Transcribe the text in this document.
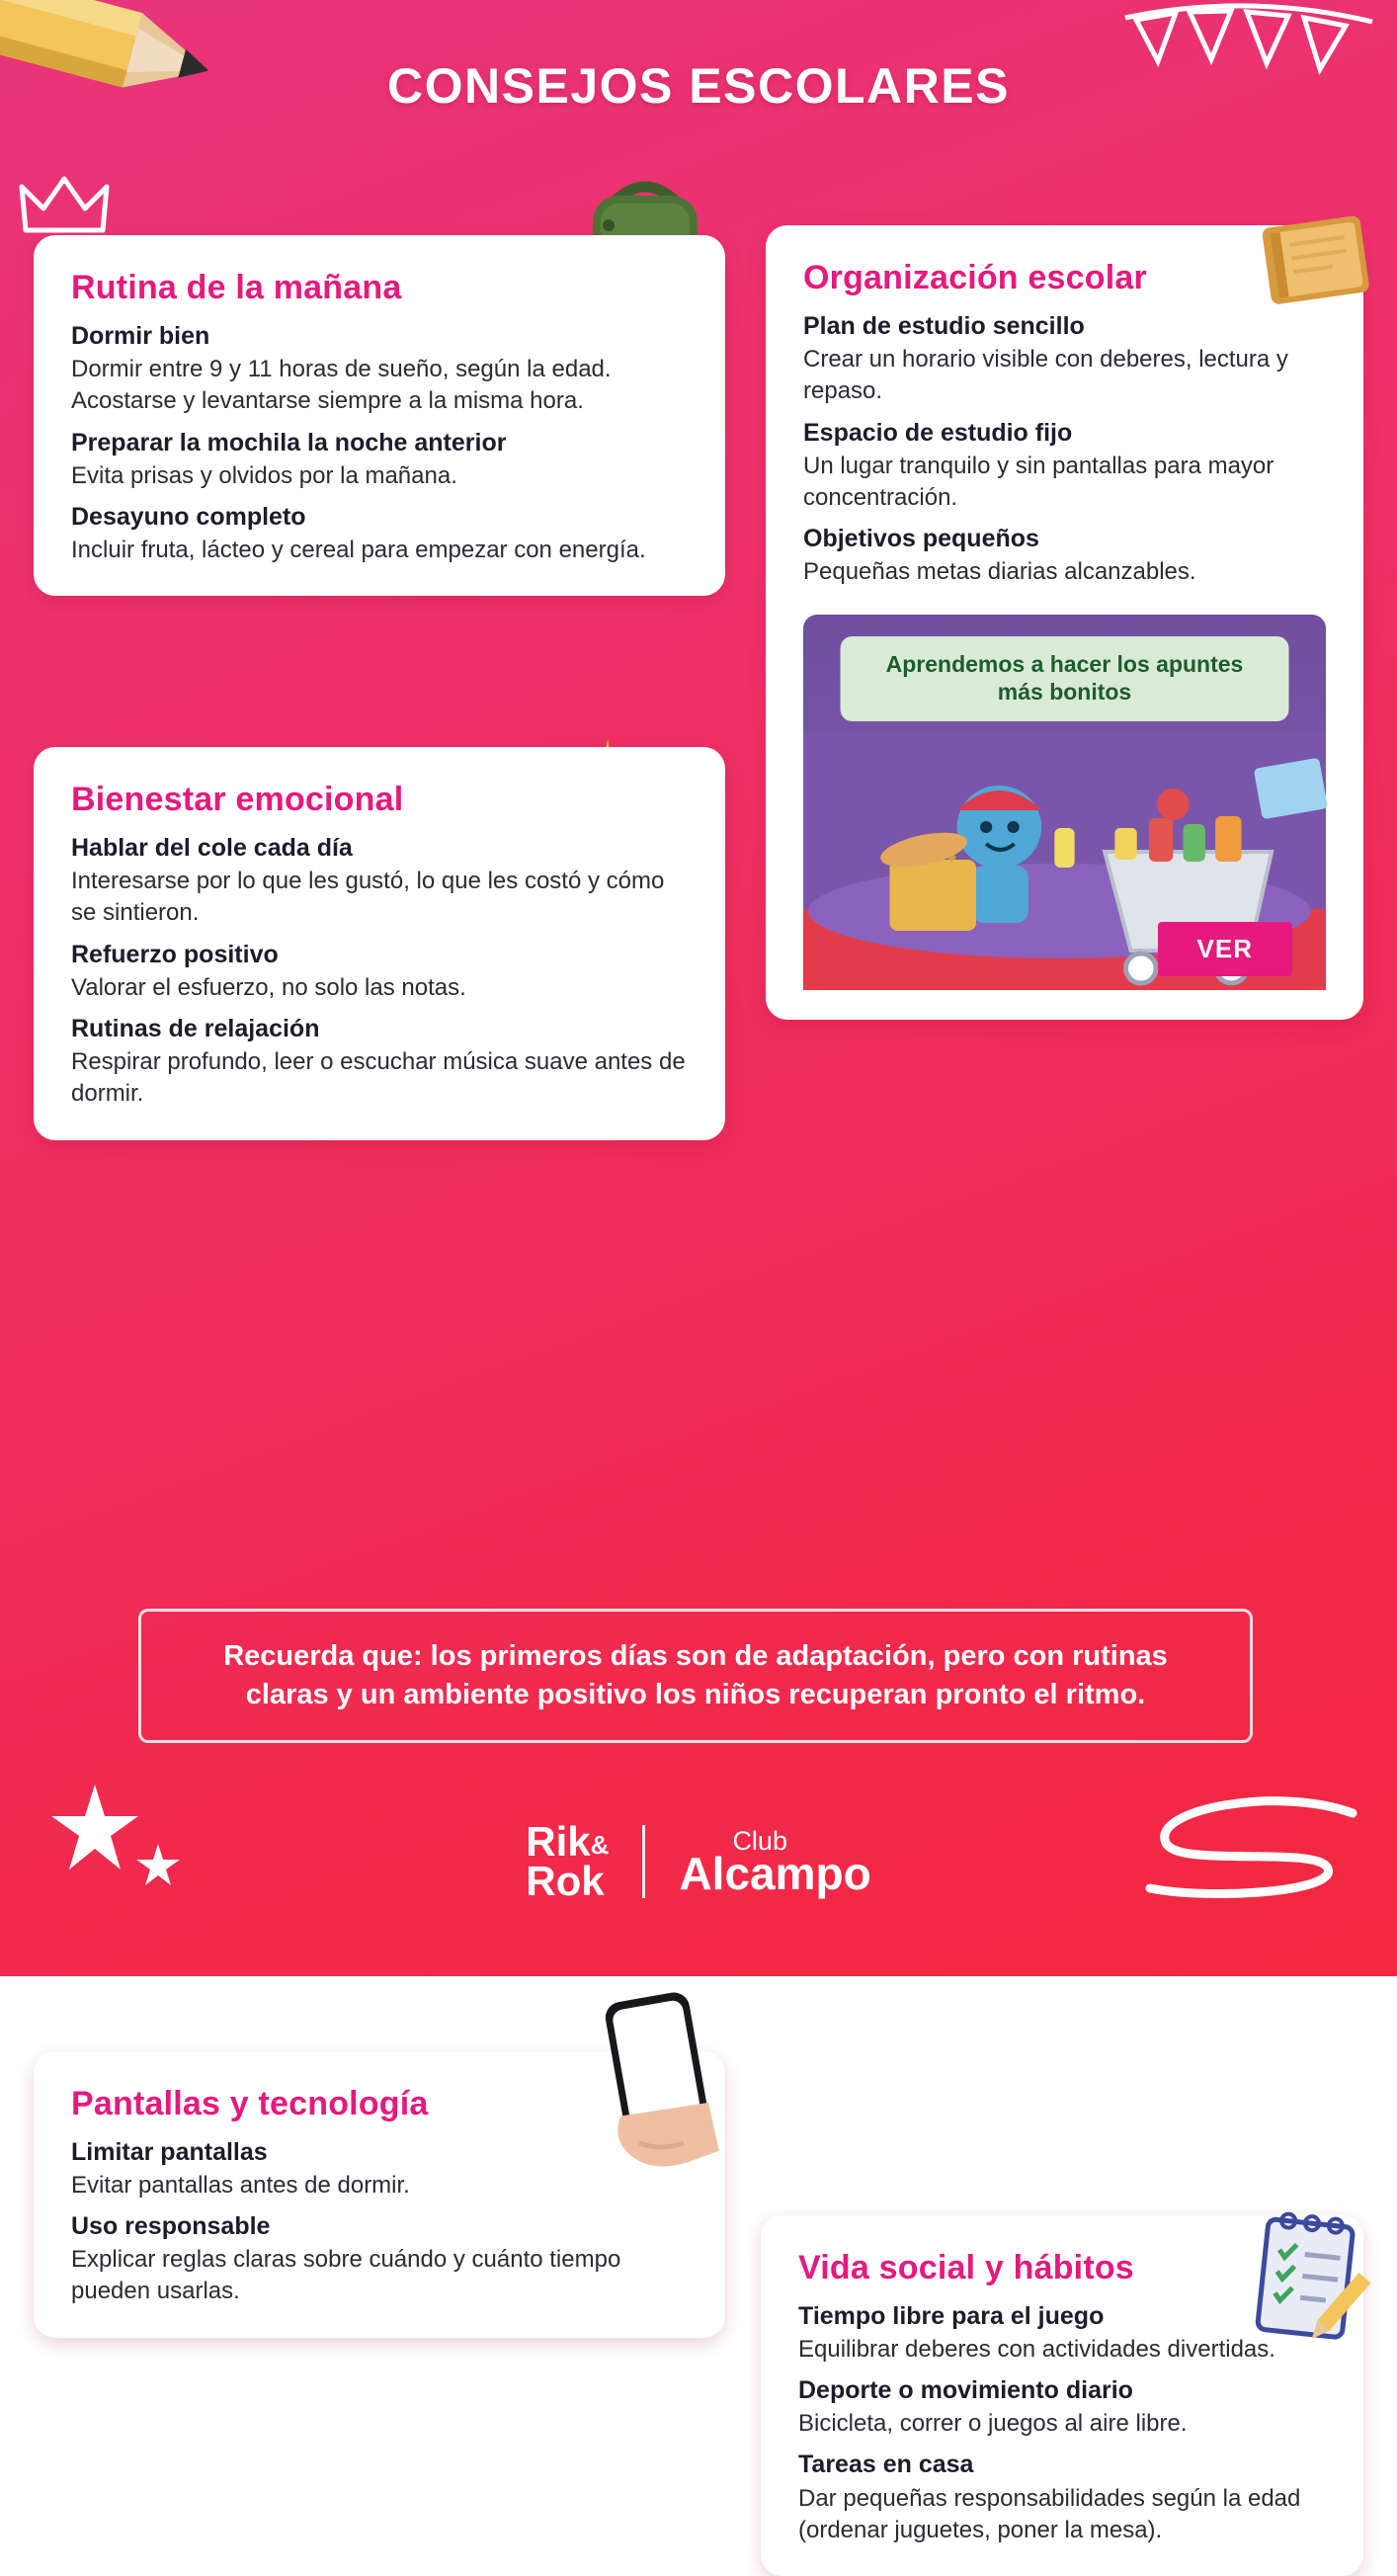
CONSEJOS ESCOLARES
Rutina de la mañana
Dormir bien
Dormir entre 9 y 11 horas de sueño, según la edad. Acostarse y levantarse siempre a la misma hora.
Preparar la mochila la noche anterior
Evita prisas y olvidos por la mañana.
Desayuno completo
Incluir fruta, lácteo y cereal para empezar con energía.
Organización escolar
Plan de estudio sencillo
Crear un horario visible con deberes, lectura y repaso.
Espacio de estudio fijo
Un lugar tranquilo y sin pantallas para mayor concentración.
Objetivos pequeños
Pequeñas metas diarias alcanzables.
Aprendemos a hacer los apuntes más bonitos
VER
Bienestar emocional
Hablar del cole cada día
Interesarse por lo que les gustó, lo que les costó y cómo se sintieron.
Refuerzo positivo
Valorar el esfuerzo, no solo las notas.
Rutinas de relajación
Respirar profundo, leer o escuchar música suave antes de dormir.
Pantallas y tecnología
Limitar pantallas
Evitar pantallas antes de dormir.
Uso responsable
Explicar reglas claras sobre cuándo y cuánto tiempo pueden usarlas.
Vida social y hábitos
Tiempo libre para el juego
Equilibrar deberes con actividades divertidas.
Deporte o movimiento diario
Bicicleta, correr o juegos al aire libre.
Tareas en casa
Dar pequeñas responsabilidades según la edad (ordenar juguetes, poner la mesa).
Recuerda que: los primeros días son de adaptación, pero con rutinas
claras y un ambiente positivo los niños recuperan pronto el ritmo.
Rik&
Rok
Club
Alcampo
